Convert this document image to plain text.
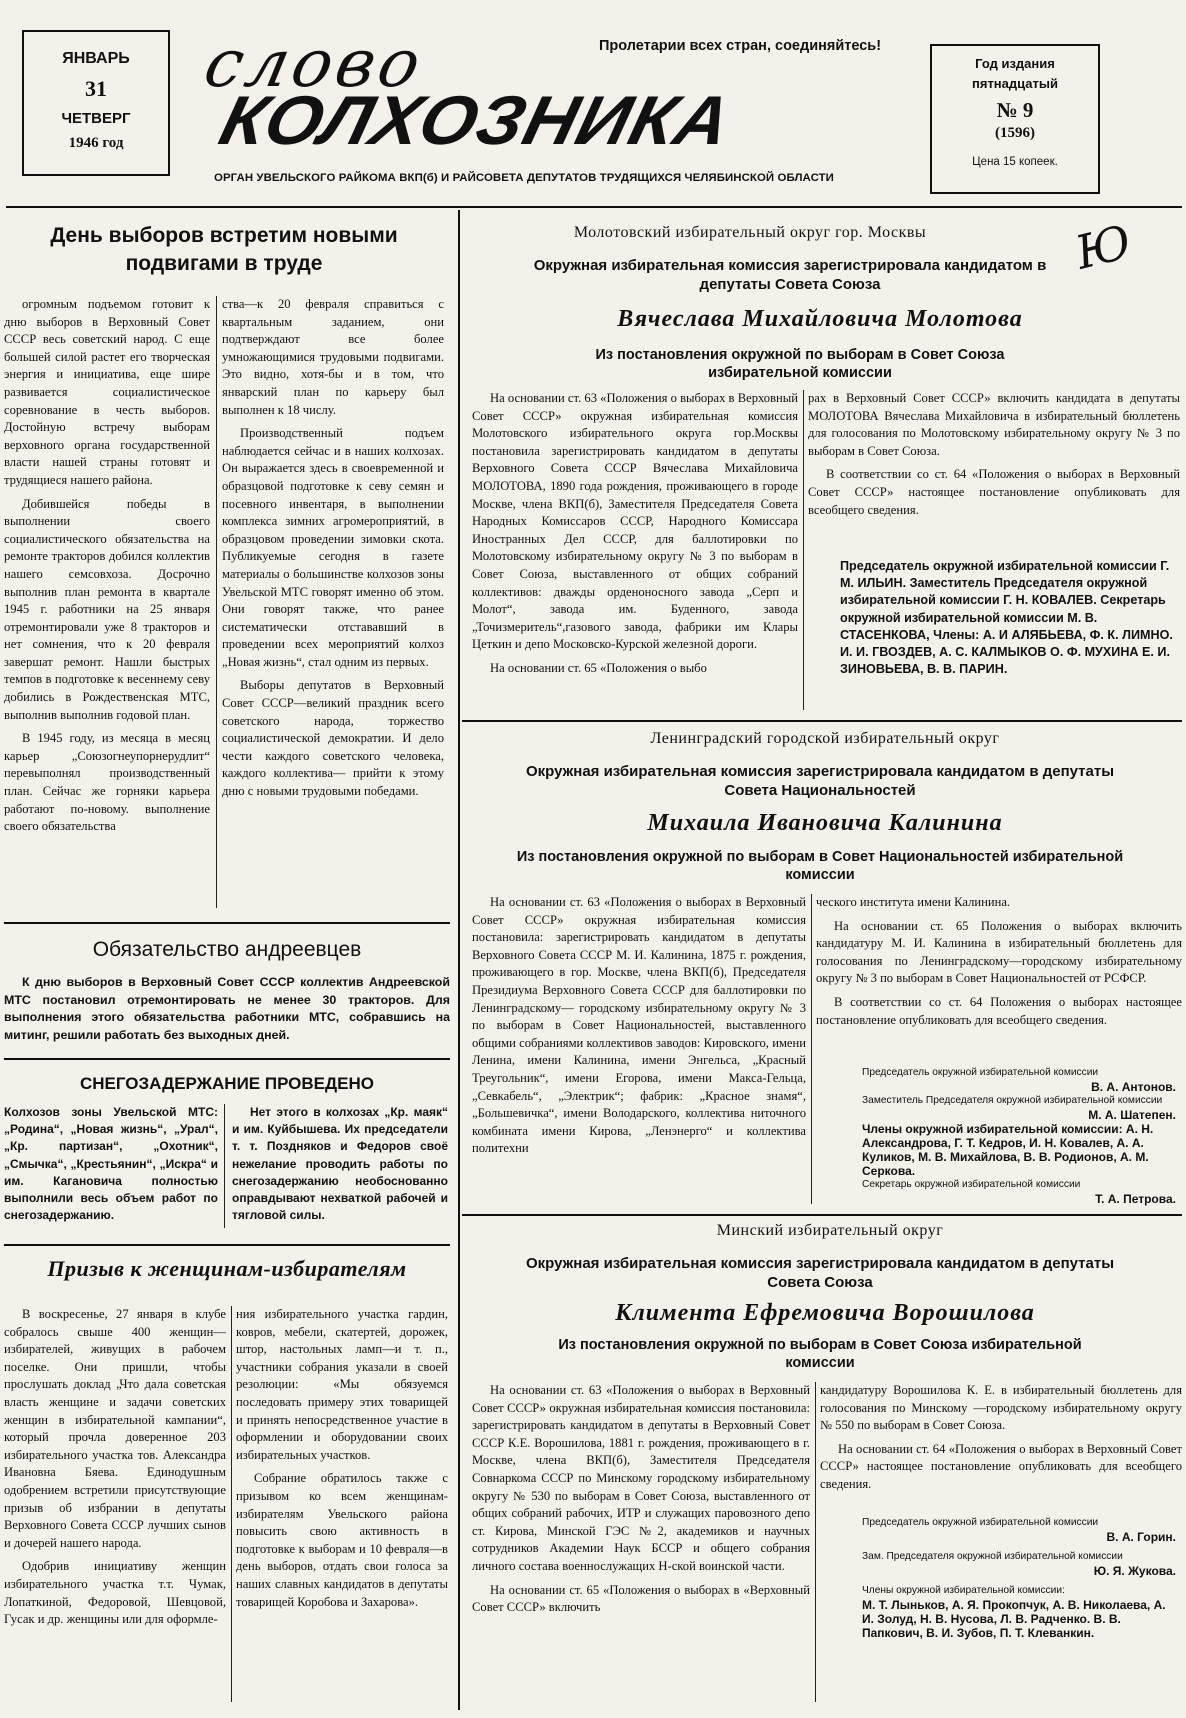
ЯНВАРЬ
31
ЧЕТВЕРГ
1946 год
Пролетарии всех стран, соединяйтесь!
слово
КОЛХОЗНИКА
ОРГАН УВЕЛЬСКОГО РАЙКОМА ВКП(б) И РАЙСОВЕТА ДЕПУТАТОВ ТРУДЯЩИХСЯ ЧЕЛЯБИНСКОЙ ОБЛАСТИ
Год издания пятнадцатый
№ 9
(1596)
Цена 15 копеек.
День выборов встретим новыми подвигами в труде

огромным подъемом готовит к дню выборов в Верховный Совет СССР весь советский народ. С еще большей силой растет его творческая энергия и инициатива, еще шире развивается социалистическое соревнование в честь выборов. Достойную встречу выборам верховного органа государственной власти нашей страны готовят и трудящиеся нашего района.

Добившейся победы в выполнении своего социалистического обязательства на ремонте тракторов добился коллектив нашего семсовхоза. Досрочно выполнив план ремонта в квартале 1945 г. работники на 25 января отремонтировали уже 8 тракторов и нет сомнения, что к 20 февраля завершат ремонт. Нашли быстрых темпов в подготовке к весеннему севу добились в Рождественская МТС, выполнив выполнив годовой план.

В 1945 году, из месяца в месяц карьер „Союзогнеупорнерудлит“ перевыполнял производственный план. Сейчас же горняки карьера работают по-новому. выполнение своего обязательства

ства—к 20 февраля справиться с квартальным заданием, они подтверждают все более умножающимися трудовыми подвигами. Это видно, хотя-бы и в том, что январский план по карьеру был выполнен к 18 числу.

Производственный подъем наблюдается сейчас и в наших колхозах. Он выражается здесь в своевременной и образцовой подготовке к севу семян и посевного инвентаря, в выполнении комплекса зимних агромероприятий, в образцовом проведении зимовки скота. Публикуемые сегодня в газете материалы о большинстве колхозов зоны Увельской МТС говорят именно об этом. Они говорят также, что ранее систематически отстававший в проведении всех мероприятий колхоз „Новая жизнь“, стал одним из первых.

Выборы депутатов в Верховный Совет СССР—великий праздник всего советского народа, торжество социалистической демократии. И дело чести каждого советского человека, каждого коллектива— прийти к этому дню с новыми трудовыми победами.

Обязательство андреевцев

К дню выборов в Верховный Совет СССР коллектив Андреевской МТС постановил отремонтировать не менее 30 тракторов. Для выполнения этого обязательства работники МТС, собравшись на митинг, решили работать без выходных дней.

СНЕГОЗАДЕРЖАНИЕ ПРОВЕДЕНО

Колхозов зоны Увельской МТС: „Родина“, „Новая жизнь“, „Урал“, „Кр. партизан“, „Охотник“, „Смычка“, „Крестьянин“, „Искра“ и им. Кагановича полностью выполнили весь объем работ по снегозадержанию.

Нет этого в колхозах „Кр. маяк“ и им. Куйбышева. Их председатели т. т. Поздняков и Федоров своё нежелание проводить работы по снегозадержанию необоснованно оправдывают нехваткой рабочей и тягловой силы.

Призыв к женщинам-избирателям

В воскресенье, 27 января в клубе собралось свыше 400 женщин—избирателей, живущих в рабочем поселке. Они пришли, чтобы прослушать доклад „Что дала советская власть женщине и задачи советских женщин в избирательной кампании“, который прочла доверенное 203 избирательного участка тов. Александра Ивановна Бяева. Единодушным одобрением встретили присутствующие призыв об избрании в депутаты Верховного Совета СССР лучших сынов и дочерей нашего народа.

Одобрив инициативу женщин избирательного участка т.т. Чумак, Лопаткиной, Федоровой, Шевцовой, Гусак и др. женщины или для оформле-

ния избирательного участка гардин, ковров, мебели, скатертей, дорожек, штор, настольных ламп—и т. п., участники собрания указали в своей резолюции: «Мы обязуемся последовать примеру этих товарищей и принять непосредственное участие в оформлении и оборудовании своих избирательных участков.

Собрание обратилось также с призывом ко всем женщинам-избирателям Увельского района повысить свою активность в подготовке к выборам и 10 февраля—в день выборов, отдать свои голоса за наших славных кандидатов в депутаты товарищей Коробова и Захарова».

Молотовский избирательный округ гор. Москвы	Ю
Окружная избирательная комиссия зарегистрировала кандидатом в депутаты Совета Союза
Вячеслава Михайловича Молотова
Из постановления окружной по выборам в Совет Союза избирательной комиссии

На основании ст. 63 «Положения о выборах в Верховный Совет СССР» окружная избирательная комиссия Молотовского избирательного округа гор.Москвы постановила зарегистрировать кандидатом в депутаты Верховного Совета СССР Вячеслава Михайловича МОЛОТОВА, 1890 года рождения, проживающего в городе Москве, члена ВКП(б), Заместителя Председателя Совета Народных Комиссаров СССР, Народного Комиссара Иностранных Дел СССР, для баллотировки по Молотовскому избирательному округу № 3 по выборам в Совет Союза, выставленного от общих собраний коллективов: дважды орденоносного завода „Серп и Молот“, завода им. Буденного, завода „Точизмеритель“,газового завода, фабрики им Клары Цеткин и депо Московско-Курской железной дороги.

На основании ст. 65 «Положения о выбо

рах в Верховный Совет СССР» включить кандидата в депутаты МОЛОТОВА Вячеслава Михайловича в избирательный бюллетень для голосования по Молотовскому избирательному округу № 3 по выборам в Совет Союза.

В соответствии со ст. 64 «Положения о выборах в Верховный Совет СССР» настоящее постановление опубликовать для всеобщего сведения.

Председатель окружной избирательной комиссии Г. М. ИЛЬИН. Заместитель Председателя окружной избирательной комиссии Г. Н. КОВАЛЕВ. Секретарь окружной избирательной комиссии М. В. СТАСЕНКОВА, Члены: А. И АЛЯБЬЕВА, Ф. К. ЛИМНО. И. И. ГВОЗДЕВ, А. С. КАЛМЫКОВ О. Ф. МУХИНА Е. И. ЗИНОВЬЕВА, В. В. ПАРИН.
Ленинградский городской избирательный округ
Окружная избирательная комиссия зарегистрировала кандидатом в депутаты Совета Национальностей
Михаила Ивановича Калинина
Из постановления окружной по выборам в Совет Национальностей избирательной комиссии

На основании ст. 63 «Положения о выборах в Верховный Совет СССР» окружная избирательная комиссия постановила: зарегистрировать кандидатом в депутаты Верховного Совета СССР М. И. Калинина, 1875 г. рождения, проживающего в гор. Москве, члена ВКП(б), Председателя Президиума Верховного Совета СССР для баллотировки по Ленинградскому— городскому избирательному округу № 3 по выборам в Совет Национальностей, выставленного общими собраниями коллективов заводов: Кировского, имени Ленина, имени Калинина, имени Энгельса, „Красный Треугольник“, имени Егорова, имени Макса-Гельца, „Севкабель“, „Электрик“; фабрик: „Красное знамя“, „Большевичка“, имени Володарского, коллектива ниточного комбината имени Кирова, „Ленэнерго“ и коллектива политехни

ческого института имени Калинина.

На основании ст. 65 Положения о выборах включить кандидатуру М. И. Калинина в избирательный бюллетень для голосования по Ленинградскому—городскому избирательному округу № 3 по выборам в Совет Национальностей от РСФСР.

В соответствии со ст. 64 Положения о выборах настоящее постановление опубликовать для всеобщего сведения.

Председатель окружной избирательной комиссии
В. А. Антонов.
Заместитель Председателя окружной избирательной комиссии
М. А. Шатепен.
Члены окружной избирательной комиссии: А. Н. Александрова, Г. Т. Кедров, И. Н. Ковалев, А. А. Куликов, М. В. Михайлова, В. В. Родионов, А. М. Серкова.
Секретарь окружной избирательной комиссии
Т. А. Петрова.
Минский избирательный округ
Окружная избирательная комиссия зарегистрировала кандидатом в депутаты Совета Союза
Климента Ефремовича Ворошилова
Из постановления окружной по выборам в Совет Союза избирательной комиссии

На основании ст. 63 «Положения о выборах в Верховный Совет СССР» окружная избирательная комиссия постановила: зарегистрировать кандидатом в депутаты в Верховный Совет СССР К.Е. Ворошилова, 1881 г. рождения, проживающего в г. Москве, члена ВКП(б), Заместителя Председателя Совнаркома СССР по Минскому городскому избирательному округу № 530 по выборам в Совет Союза, выставленного от общих собраний рабочих, ИТР и служащих паровозного депо ст. Кирова, Минской ГЭС №2, академиков и научных сотрудников Академии Наук БССР и общего собрания личного состава военнослужащих Н-ской воинской части.

На основании ст. 65 «Положения о выборах в «Верховный Совет СССР» включить

кандидатуру Ворошилова К. Е. в избирательный бюллетень для голосования по Минскому —городскому избирательному округу № 550 по выборам в Совет Союза.

На основании ст. 64 «Положения о выборах в Верховный Совет СССР» настоящее постановление опубликовать для всеобщего сведения.

Председатель окружной избирательной комиссии
В. А. Горин.
Зам. Председателя окружной избирательной комиссии
Ю. Я. Жукова.
Члены окружной избирательной комиссии:
М. Т. Лыньков, А. Я. Прокопчук, А. В. Николаева, А. И. Золуд, Н. В. Нусова, Л. В. Радченко. В. В. Папкович, В. И. Зубов, П. Т. Клеванкин.
